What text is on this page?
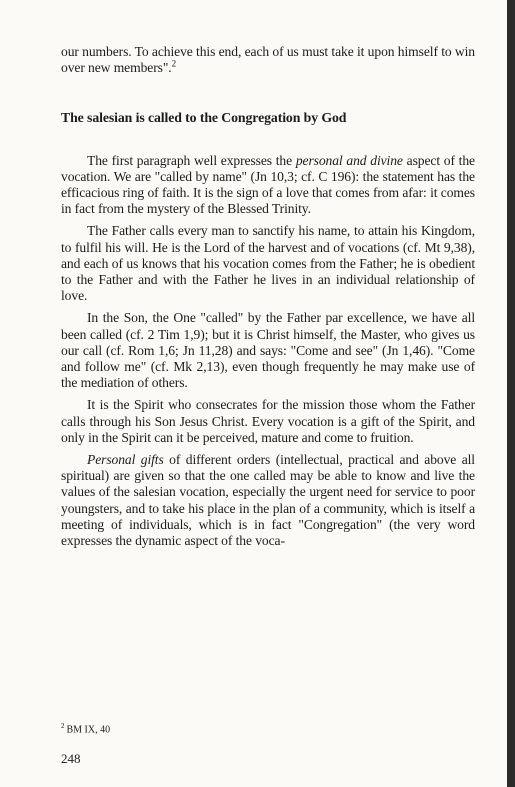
our numbers. To achieve this end, each of us must take it upon himself to win over new members".$^2$

The salesian is called to the Congregation by God

The first paragraph well expresses the personal and divine aspect of the vocation. We are "called by name" (Jn 10,3; cf. C 196): the statement has the efficacious ring of faith. It is the sign of a love that comes from afar: it comes in fact from the mystery of the Blessed Trinity.

The Father calls every man to sanctify his name, to attain his Kingdom, to fulfil his will. He is the Lord of the harvest and of vocations (cf. Mt 9,38), and each of us knows that his vocation comes from the Father; he is obedient to the Father and with the Father he lives in an individual relationship of love.

In the Son, the One "called" by the Father par excellence, we have all been called (cf. 2 Tim 1,9); but it is Christ himself, the Master, who gives us our call (cf. Rom 1,6; Jn 11,28) and says: "Come and see" (Jn 1,46). "Come and follow me" (cf. Mk 2,13), even though frequently he may make use of the mediation of others.

It is the Spirit who consecrates for the mission those whom the Father calls through his Son Jesus Christ. Every vocation is a gift of the Spirit, and only in the Spirit can it be perceived, mature and come to fruition.

Personal gifts of different orders (intellectual, practical and above all spiritual) are given so that the one called may be able to know and live the values of the salesian vocation, especially the urgent need for service to poor youngsters, and to take his place in the plan of a community, which is itself a meeting of individuals, which is in fact "Congregation" (the very word expresses the dynamic aspect of the voca-

$^2$ BM IX, 40
248
